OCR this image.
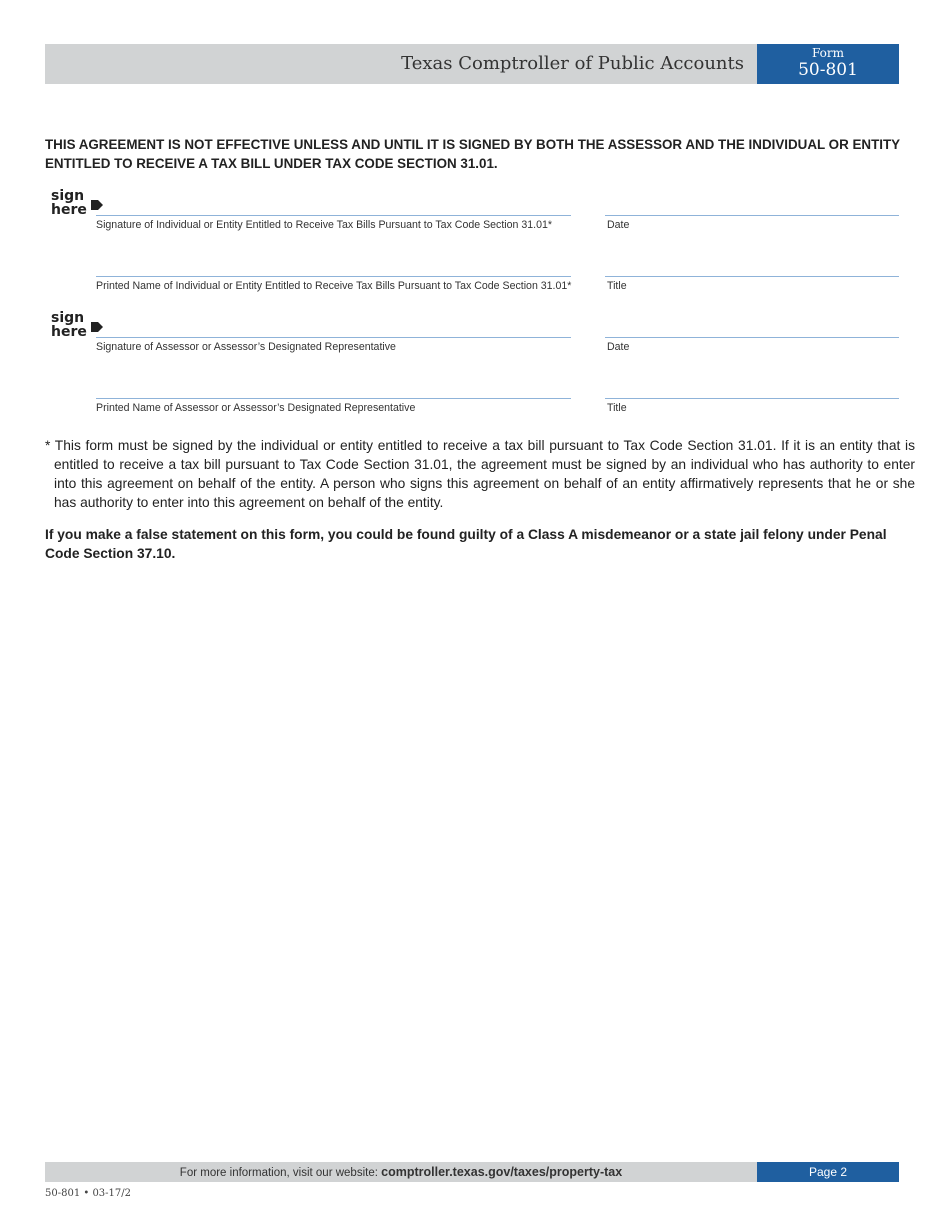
Texas Comptroller of Public Accounts	Form
50-801
THIS AGREEMENT IS NOT EFFECTIVE UNLESS AND UNTIL IT IS SIGNED BY BOTH THE ASSESSOR AND THE INDIVIDUAL OR ENTITY ENTITLED TO RECEIVE A TAX BILL UNDER TAX CODE SECTION 31.01.
sign
here
sign
here
Signature of Individual or Entity Entitled to Receive Tax Bills Pursuant to Tax Code Section 31.01*	Date
Printed Name of Individual or Entity Entitled to Receive Tax Bills Pursuant to Tax Code Section 31.01*	Title
Signature of Assessor or Assessor’s Designated Representative	Date
Printed Name of Assessor or Assessor’s Designated Representative	Title
* This form must be signed by the individual or entity entitled to receive a tax bill pursuant to Tax Code Section 31.01. If it is an entity that is entitled to receive a tax bill pursuant to Tax Code Section 31.01, the agreement must be signed by an individual who has authority to enter into this agreement on behalf of the entity. A person who signs this agreement on behalf of an entity affirmatively represents that he or she has authority to enter into this agreement on behalf of the entity.
If you make a false statement on this form, you could be found guilty of a Class A misdemeanor or a state jail felony under Penal Code Section 37.10.
For more information, visit our website: comptroller.texas.gov/taxes/property-tax	Page 2
50-801 • 03-17/2
